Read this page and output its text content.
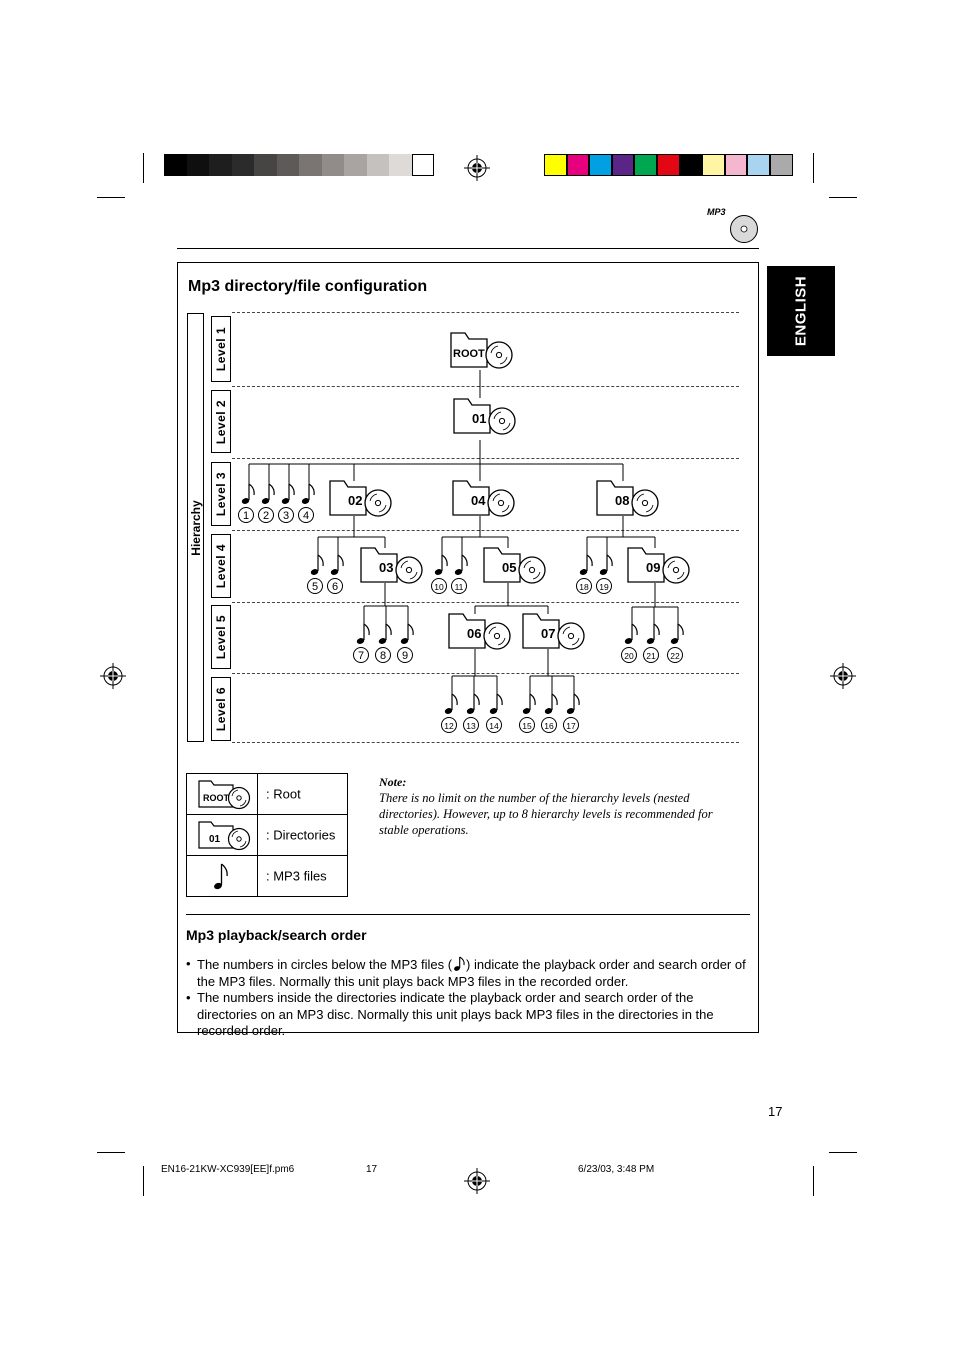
MP3
ENGLISH
Mp3 directory/file configuration
Hierarchy
Level 1
Level 2
Level 3
Level 4
Level 5
Level 6
ROOT
01
02
03
04
05
06	07
08
09
1 2 3 4
5 6
7 8 9
10 11
12 13 14	15 16 17
18 19
20 21 22
ROOT	: Root
01	: Directories
: MP3 files
Note:
There is no limit on the number of the hierarchy levels (nested directories). However, up to 8 hierarchy levels is recommended for stable operations.
Mp3 playback/search order
• The numbers in circles below the MP3 files ( ) indicate the playback order and search order of the MP3 files. Normally this unit plays back MP3 files in the recorded order.
• The numbers inside the directories indicate the playback order and search order of the directories on an MP3 disc. Normally this unit plays back MP3 files in the directories in the recorded order.
17
EN16-21KW-XC939[EE]f.pm6	17	6/23/03, 3:48 PM
